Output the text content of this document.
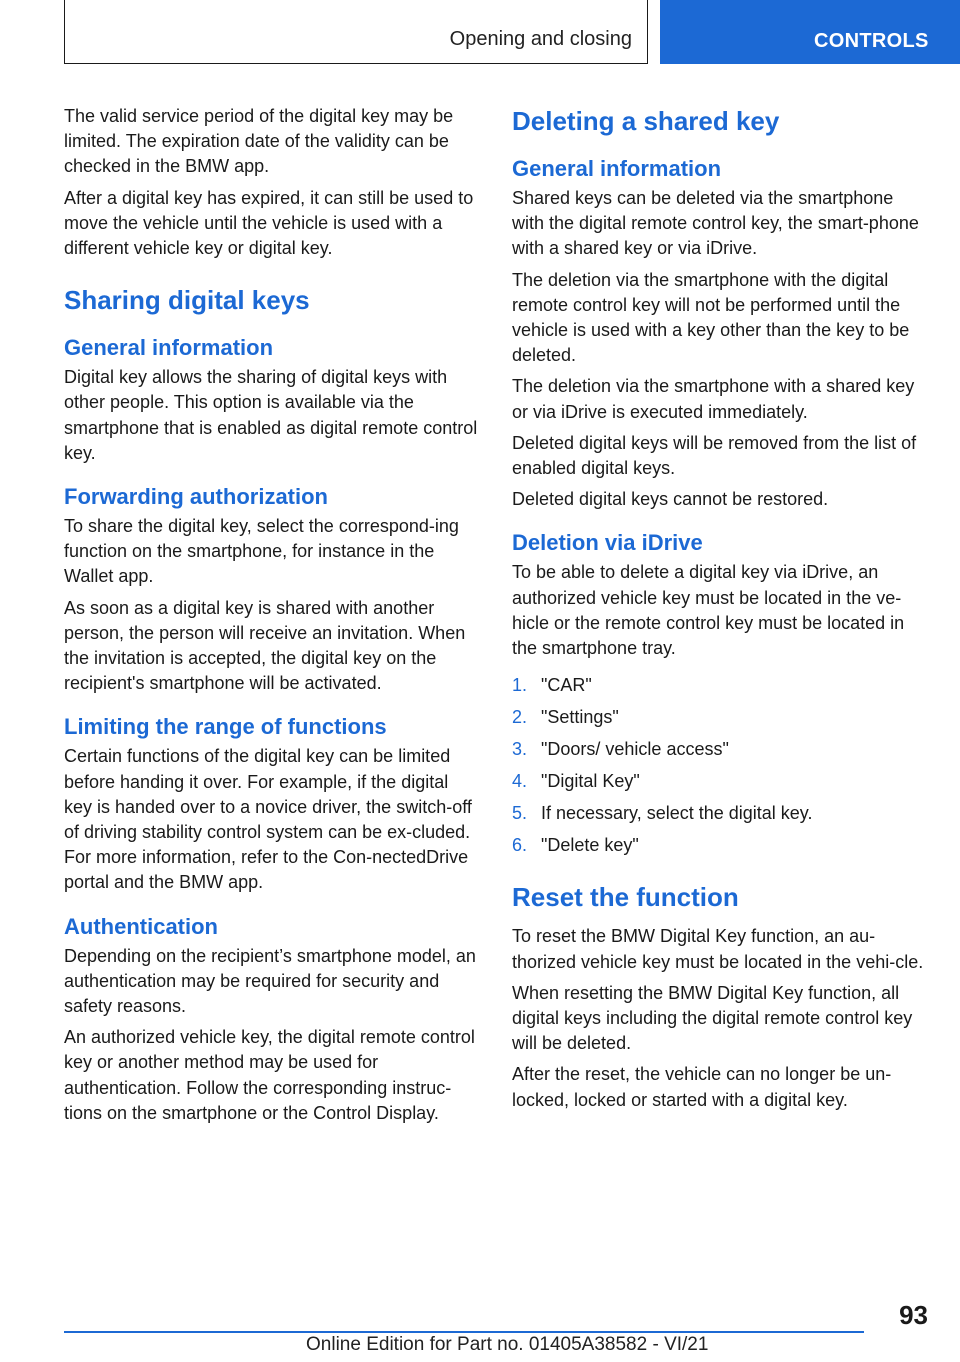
Opening and closing	CONTROLS

The valid service period of the digital key may be limited. The expiration date of the validity can be checked in the BMW app.

After a digital key has expired, it can still be used to move the vehicle until the vehicle is used with a different vehicle key or digital key.

Sharing digital keys
General information

Digital key allows the sharing of digital keys with other people. This option is available via the smartphone that is enabled as digital remote control key.

Forwarding authorization

To share the digital key, select the correspond‐ing function on the smartphone, for instance in the Wallet app.

As soon as a digital key is shared with another person, the person will receive an invitation. When the invitation is accepted, the digital key on the recipient's smartphone will be activated.

Limiting the range of functions

Certain functions of the digital key can be limited before handing it over. For example, if the digital key is handed over to a novice driver, the switch-off of driving stability control system can be ex‐cluded. For more information, refer to the Con‐nectedDrive portal and the BMW app.

Authentication

Depending on the recipient’s smartphone model, an authentication may be required for security and safety reasons.

An authorized vehicle key, the digital remote control key or another method may be used for authentication. Follow the corresponding instruc‐tions on the smartphone or the Control Display.

Deleting a shared key
General information

Shared keys can be deleted via the smartphone with the digital remote control key, the smart‐phone with a shared key or via iDrive.

The deletion via the smartphone with the digital remote control key will not be performed until the vehicle is used with a key other than the key to be deleted.

The deletion via the smartphone with a shared key or via iDrive is executed immediately.

Deleted digital keys will be removed from the list of enabled digital keys.

Deleted digital keys cannot be restored.

Deletion via iDrive

To be able to delete a digital key via iDrive, an authorized vehicle key must be located in the ve‐hicle or the remote control key must be located in the smartphone tray.

1. "CAR"
2. "Settings"
3. "Doors/ vehicle access"
4. "Digital Key"
5. If necessary, select the digital key.
6. "Delete key"
Reset the function

To reset the BMW Digital Key function, an au‐thorized vehicle key must be located in the vehi‐cle.

When resetting the BMW Digital Key function, all digital keys including the digital remote control key will be deleted.

After the reset, the vehicle can no longer be un‐locked, locked or started with a digital key.

93
Online Edition for Part no. 01405A38582 - VI/21
